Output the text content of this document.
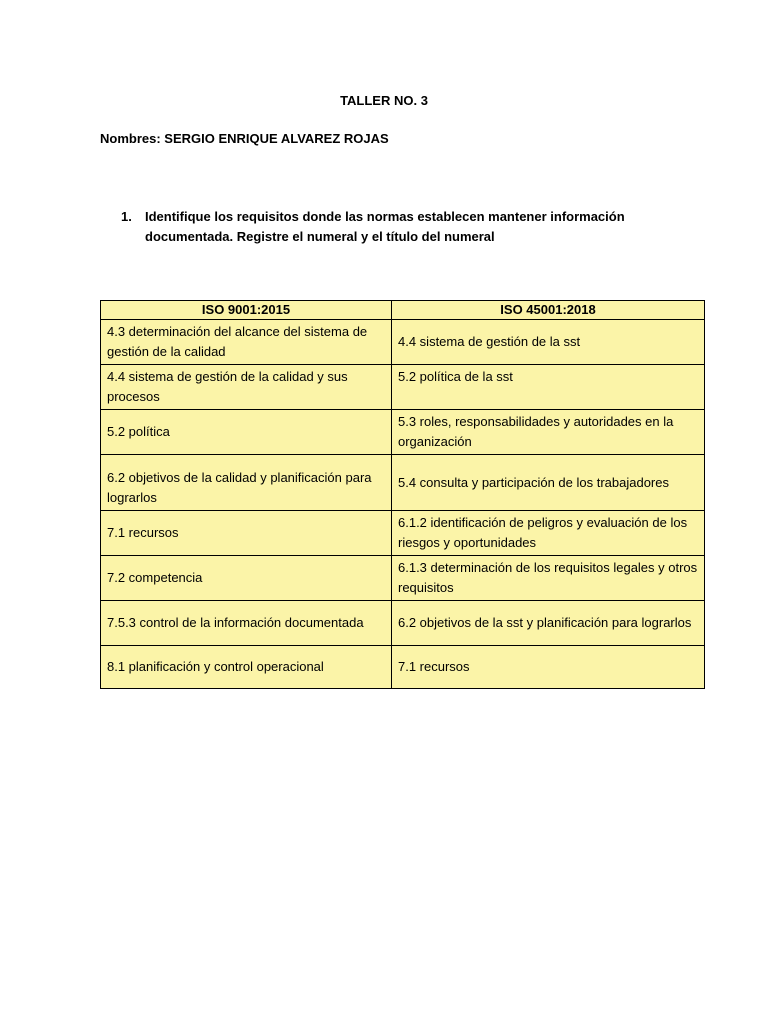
TALLER NO. 3
Nombres: SERGIO ENRIQUE ALVAREZ ROJAS
1.	Identifique los requisitos donde las normas establecen mantener información documentada. Registre el numeral y el título del numeral
ISO 9001:2015	ISO 45001:2018
4.3 determinación del alcance del sistema de gestión de la calidad	4.4 sistema de gestión de la sst
4.4 sistema de gestión de la calidad y sus procesos	5.2 política de la sst
5.2 política	5.3 roles, responsabilidades y autoridades en la organización
6.2 objetivos de la calidad y planificación para lograrlos	5.4 consulta y participación de los trabajadores
7.1 recursos	6.1.2 identificación de peligros y evaluación de los riesgos y oportunidades
7.2 competencia	6.1.3 determinación de los requisitos legales y otros requisitos
7.5.3 control de la información documentada	6.2 objetivos de la sst y planificación para lograrlos
8.1 planificación y control operacional	7.1 recursos
